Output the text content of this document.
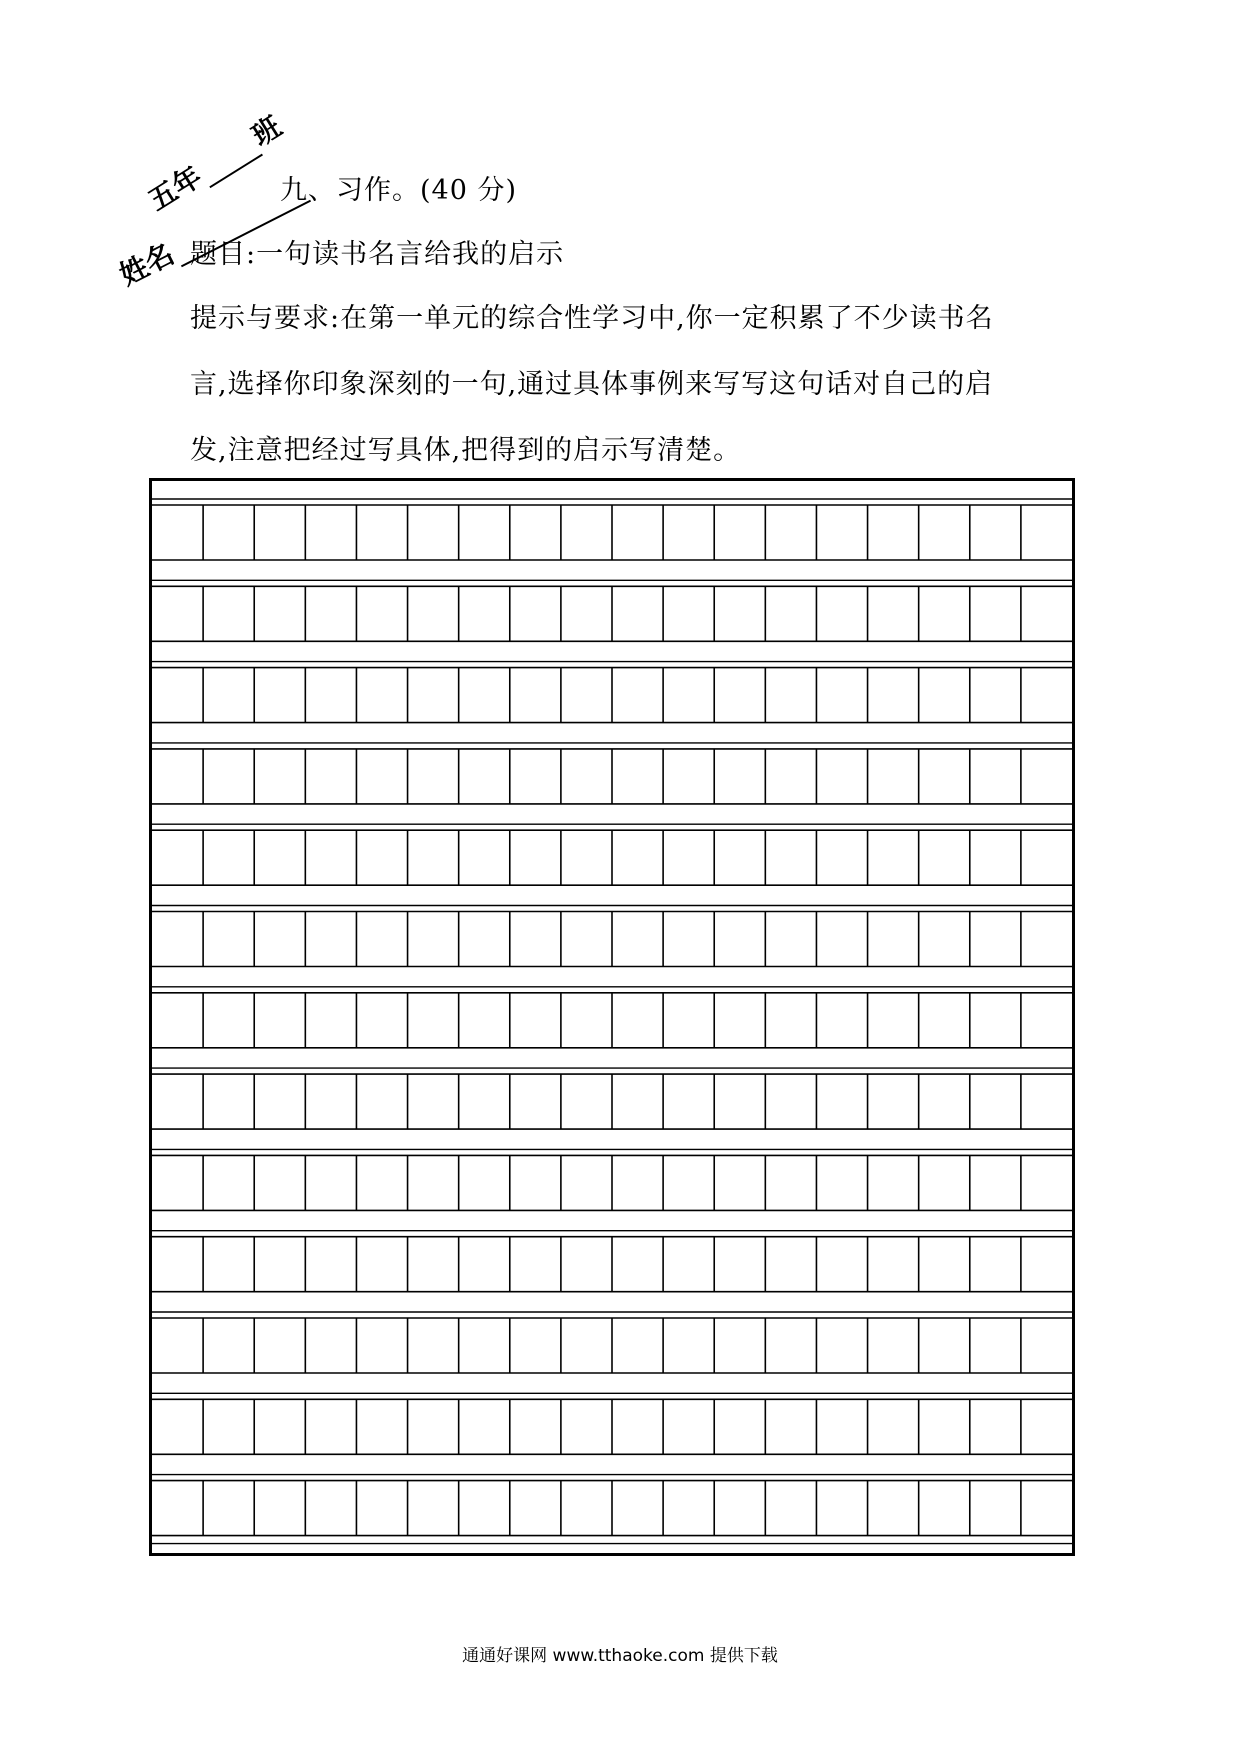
五年
班
姓名
九、习作。(40 分)
题目:一句读书名言给我的启示
提示与要求:在第一单元的综合性学习中,你一定积累了不少读书名
言,选择你印象深刻的一句,通过具体事例来写写这句话对自己的启
发,注意把经过写具体,把得到的启示写清楚。
通通好课网 www.tthaoke.com 提供下载
